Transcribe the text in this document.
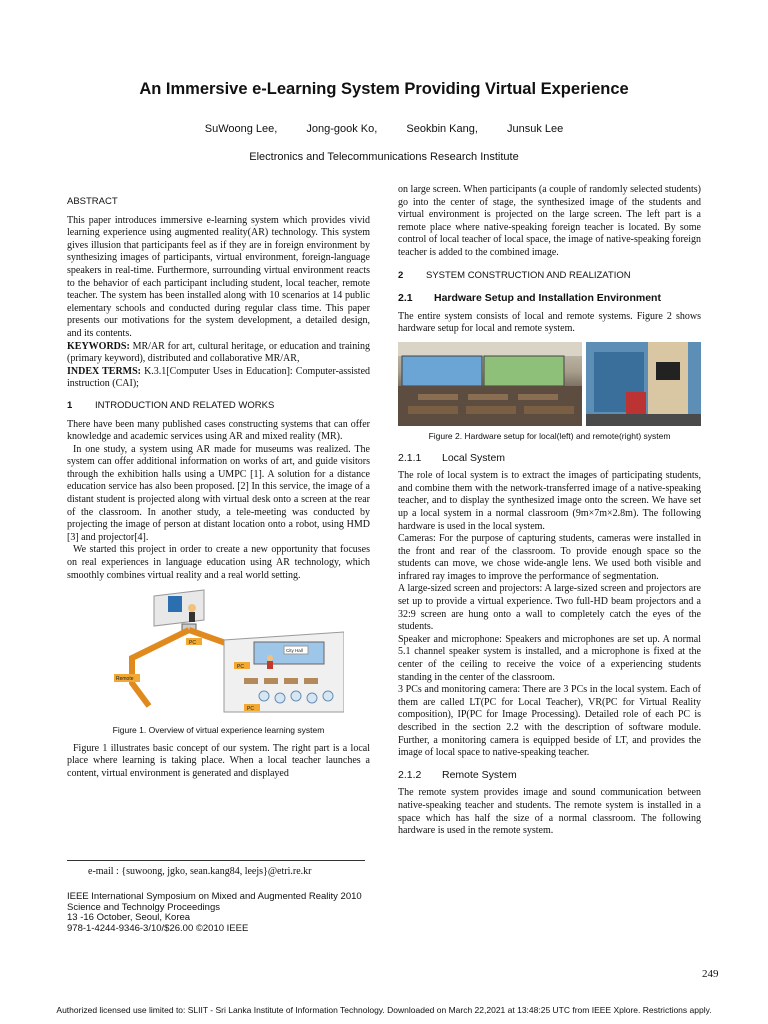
An Immersive e-Learning System Providing Virtual Experience
SuWoong Lee,	Jong-gook Ko,	Seokbin Kang,	Junsuk Lee
Electronics and Telecommunications Research Institute
ABSTRACT

This paper introduces immersive e-learning system which provides vivid learning experience using augmented reality(AR) technology. This system gives illusion that participants feel as if they are in foreign environment by synthesizing images of participants, virtual environment, foreign-language speakers in real-time. Furthermore, surrounding virtual environment reacts to the behavior of each participant including student, local teacher, remote teacher. The system has been installed along with 10 scenarios at 14 public elementary schools and conducted during regular class time. This paper presents our motivations for the system development, a detailed design, and its contents.

KEYWORDS: MR/AR for art, cultural heritage, or education and training (primary keyword), distributed and collaborative MR/AR,

INDEX TERMS: K.3.1[Computer Uses in Education]: Computer-assisted instruction (CAI);

1 INTRODUCTION AND RELATED WORKS

There have been many published cases constructing systems that can offer knowledge and academic services using AR and mixed reality (MR).

In one study, a system using AR made for museums was realized. The system can offer additional information on works of art, and guide visitors through the exhibition halls using a UMPC [1]. A solution for a distance education service has also been proposed. [2] In this service, the image of a distant student is projected along with virtual desk onto a screen at the rear of the classroom. In another study, a tele-meeting was conducted by projecting the image of person at distant location onto a robot, using HMD [3] and projector[4].

We started this project in order to create a new opportunity that focuses on real experiences in language education using AR technology, which smoothly combines virtual reality and a real world setting.

PC
Remote
City Hall
PC
PC
Figure 1. Overview of virtual experience learning system

Figure 1 illustrates basic concept of our system. The right part is a local place where learning is taking place. When a local teacher launches a content, virtual environment is generated and displayed

on large screen. When participants (a couple of randomly selected students) go into the center of stage, the synthesized image of the students and virtual environment is projected on the large screen. The left part is a remote place where native-speaking foreign teacher is located. By some control of local teacher of local space, the image of native-speaking foreign teacher is added to the combined image.

2 SYSTEM CONSTRUCTION AND REALIZATION
2.1 Hardware Setup and Installation Environment

The entire system consists of local and remote systems. Figure 2 shows hardware setup for local and remote system.

Figure 2. Hardware setup for local(left) and remote(right) system
2.1.1 Local System

The role of local system is to extract the images of participating students, and combine them with the network-transferred image of a native-speaking teacher, and to display the synthesized image onto the screen. We have set up a local system in a normal classroom (9m×7m×2.8m). The following hardware is used in the local system.

Cameras: For the purpose of capturing students, cameras were installed in the front and rear of the classroom. To provide enough space so the students can move, we chose wide-angle lens. We used both visible and infrared ray images to improve the performance of segmentation.

A large-sized screen and projectors: A large-sized screen and projectors are set up to provide a virtual experience. Two full-HD beam projectors and a 32:9 screen are hung onto a wall to completely catch the eyes of the students.

Speaker and microphone: Speakers and microphones are set up. A normal 5.1 channel speaker system is installed, and a microphone is fixed at the center of the ceiling to receive the voice of a experiencing students standing in the center of the classroom.

3 PCs and monitoring camera: There are 3 PCs in the local system. Each of them are called LT(PC for Local Teacher), VR(PC for Virtual Reality composition), IP(PC for Image Processing). Detailed role of each PC is described in the section 2.2 with the description of software module. Further, a monitoring camera is equipped beside of LT, and provides the image of local space to native-speaking teacher.

2.1.2 Remote System

The remote system provides image and sound communication between native-speaking teacher and students. The remote system is installed in a space which has half the size of a normal classroom. The following hardware is used in the remote system.

e-mail : {suwoong, jgko, sean.kang84, leejs}@etri.re.kr
IEEE International Symposium on Mixed and Augmented Reality 2010
Science and Technolgy Proceedings
13 -16 October, Seoul, Korea
978-1-4244-9346-3/10/$26.00 ©2010 IEEE
249
Authorized licensed use limited to: SLIIT - Sri Lanka Institute of Information Technology. Downloaded on March 22,2021 at 13:48:25 UTC from IEEE Xplore. Restrictions apply.
